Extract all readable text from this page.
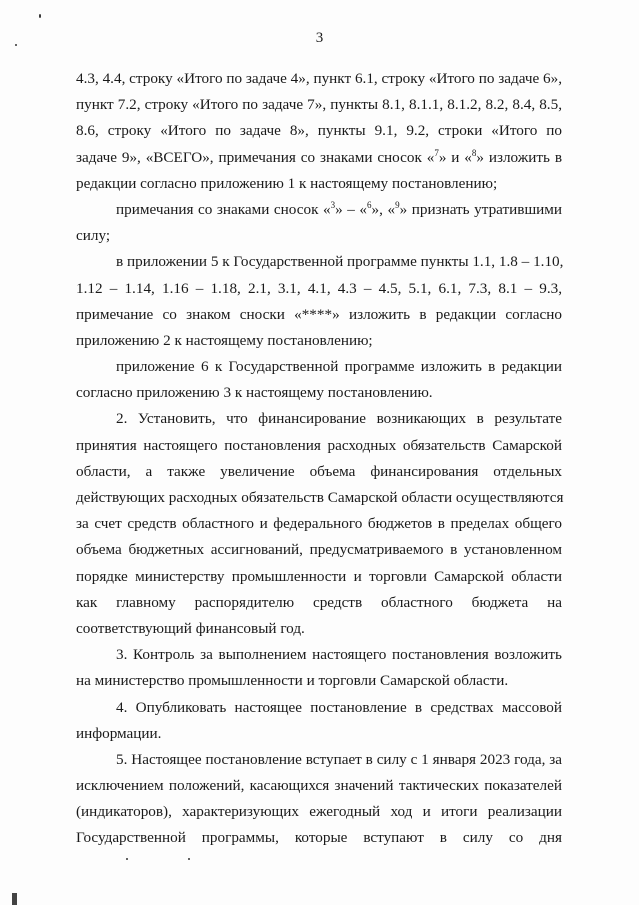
3
4.3, 4.4, строку «Итого по задаче 4», пункт 6.1, строку «Итого по задаче 6»,
пункт 7.2, строку «Итого по задаче 7», пункты 8.1, 8.1.1, 8.1.2, 8.2, 8.4, 8.5,
8.6, строку «Итого по задаче 8», пункты 9.1, 9.2, строки «Итого по
задаче 9», «ВСЕГО», примечания со знаками сносок «$^7$» и «$^8$» изложить в
редакции согласно приложению 1 к настоящему постановлению;
примечания со знаками сносок «$^3$» – «$^6$», «$^9$» признать утратившими
силу;
в приложении 5 к Государственной программе пункты 1.1, 1.8 – 1.10,
1.12 – 1.14, 1.16 – 1.18, 2.1, 3.1, 4.1, 4.3 – 4.5, 5.1, 6.1, 7.3, 8.1 – 9.3,
примечание со знаком сноски «****» изложить в редакции согласно
приложению 2 к настоящему постановлению;
приложение 6 к Государственной программе изложить в редакции
согласно приложению 3 к настоящему постановлению.
2. Установить, что финансирование возникающих в результате
принятия настоящего постановления расходных обязательств Самарской
области, а также увеличение объема финансирования отдельных
действующих расходных обязательств Самарской области осуществляются
за счет средств областного и федерального бюджетов в пределах общего
объема бюджетных ассигнований, предусматриваемого в установленном
порядке министерству промышленности и торговли Самарской области
как главному распорядителю средств областного бюджета на
соответствующий финансовый год.
3. Контроль за выполнением настоящего постановления возложить
на министерство промышленности и торговли Самарской области.
4. Опубликовать настоящее постановление в средствах массовой
информации.
5. Настоящее постановление вступает в силу с 1 января 2023 года, за
исключением положений, касающихся значений тактических показателей
(индикаторов), характеризующих ежегодный ход и итоги реализации
Государственной программы, которые вступают в силу со дня
